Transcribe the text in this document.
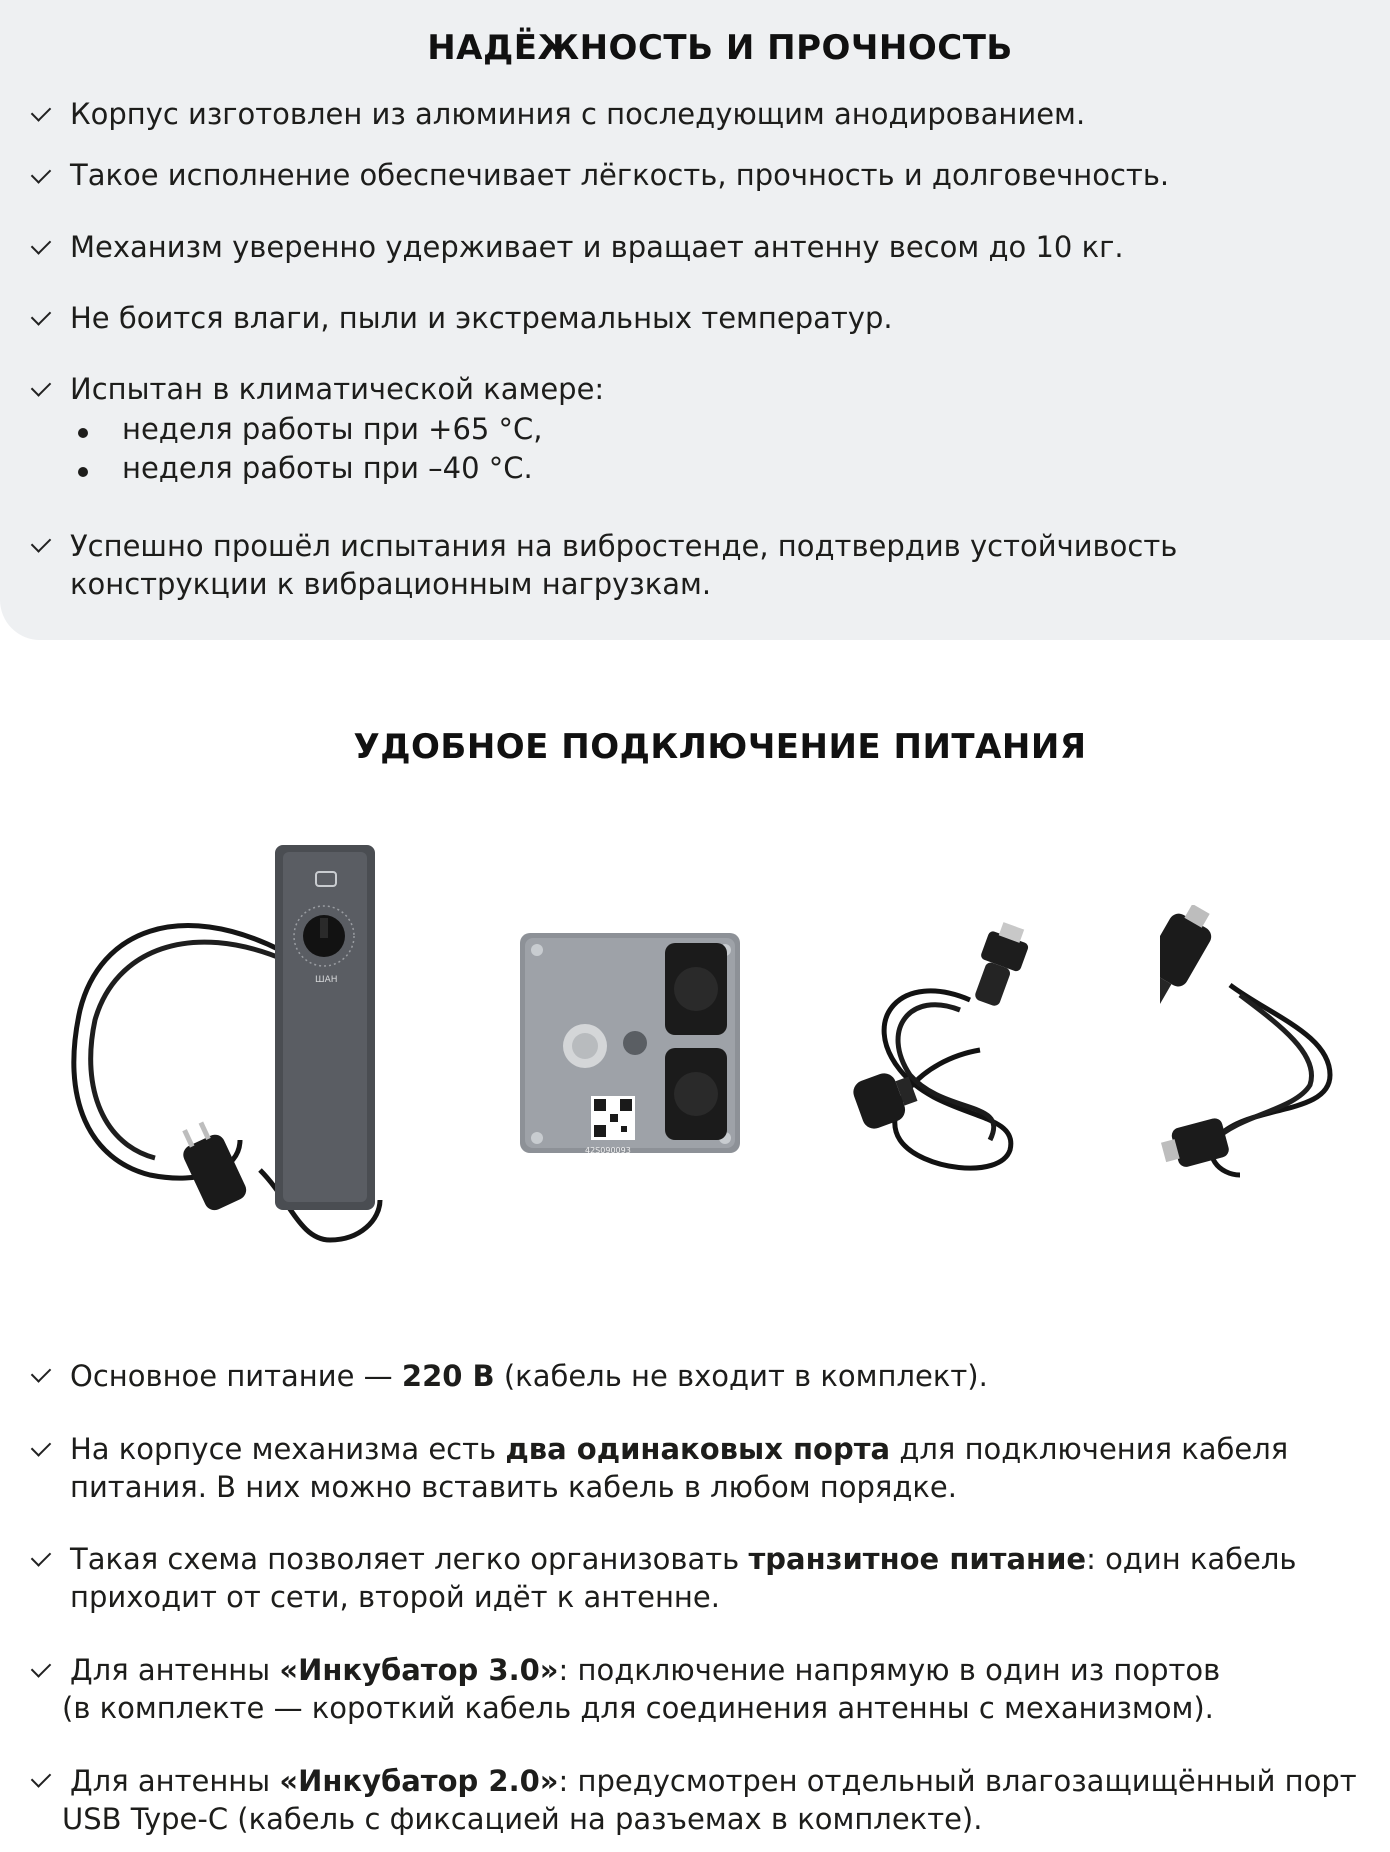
НАДЁЖНОСТЬ И ПРОЧНОСТЬ
Корпус изготовлен из алюминия с последующим анодированием.
Такое исполнение обеспечивает лёгкость, прочность и долговечность.
Механизм уверенно удерживает и вращает антенну весом до 10 кг.
Не боится влаги, пыли и экстремальных температур.
Испытан в климатической камере:
неделя работы при +65 °C,
неделя работы при –40 °C.
Успешно прошёл испытания на вибростенде, подтвердив устойчивость
конструкции к вибрационным нагрузкам.
УДОБНОЕ ПОДКЛЮЧЕНИЕ ПИТАНИЯ
ШАН
42S090093
Основное питание — 220 В (кабель не входит в комплект).
На корпусе механизма есть два одинаковых порта для подключения кабеля
питания. В них можно вставить кабель в любом порядке.
Такая схема позволяет легко организовать транзитное питание: один кабель
приходит от сети, второй идёт к антенне.
Для антенны «Инкубатор 3.0»: подключение напрямую в один из портов
(в комплекте — короткий кабель для соединения антенны с механизмом).
Для антенны «Инкубатор 2.0»: предусмотрен отдельный влагозащищённый порт
USB Type-C (кабель с фиксацией на разъемах в комплекте).
